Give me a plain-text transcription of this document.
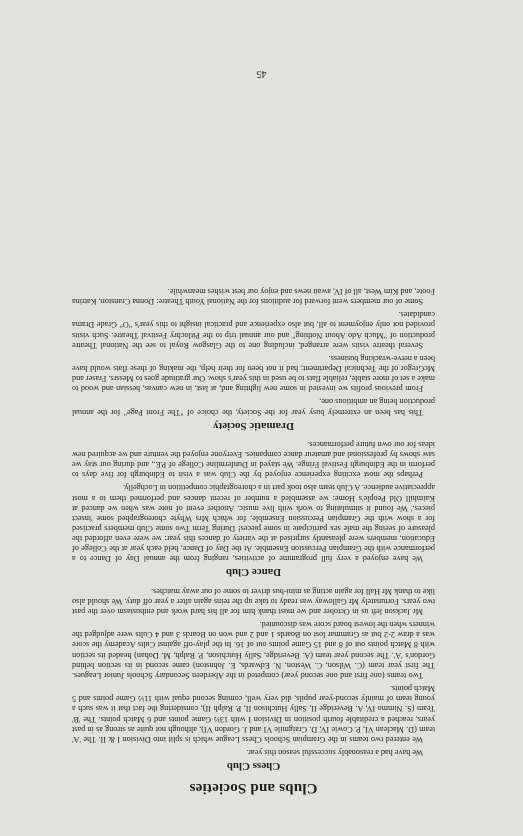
Clubs and Societies
Chess Club

We have had a reasonably successful season this year.

We entered two teams in the Grampian Schools Chess League which is split into Division I & II. The 'A' team (D. Maclean VI, P. Cowie IV, D. Craigmile VI and J. Gordon VI), although not quite as strong as in past years, reached a creditable fourth position in Division I with 13½ Game points and 6 Match points. The 'B' Team (S. Nimmo IV, A. Beveridge II, Sally Hutchison II, P. Ralph II), considering the fact that it was such a young team of mainly second-year pupils, did very well, coming second equal with 11½ Game points and 5 Match points.

Two teams (one first and one second year) competed in the Aberdeen Secondary Schools Junior Leagues. The first year team (C. Wilson, C. Weston, N. Edwards, E. Johnston) came second in its section behind Gordon's 'A'. The second year team (A. Beveridge, Sally Hutchison, P. Ralph, M. Dohan) headed its section with 8 Match points out of 8 and 15 Game points out of 16. In the play-off against Cults Academy the score was a draw 2-2 but as Grammar lost on Boards 1 and 2 and won on Boards 3 and 4 Cults were adjudged the winners when the lowest board score was discounted.

Mr Jackson left us in October and we must thank him for all his hard work and enthusiasm over the past two years. Fortunately Mr Galloway was ready to take up the reins again after a year off duty. We should also like to thank Mr Hall for again acting as mini-bus driver to some of our away matches.

Dance Club

We have enjoyed a very full programme of activities, ranging from the annual Day of Dance to a performance with the Grampian Percussion Ensemble. At the Day of Dance, held each year at the College of Education, members were pleasantly surprised at the variety of dances this year: we were even afforded the pleasure of seeing the male sex participate in some pieces! During Term Two some Club members practised for a show with the Grampian Percussion Ensemble, for which Mrs Whyte choreographed some 'insect pieces.' We found it stimulating to work with live music. Another event of note was when we danced at Kaimhill Old People's Home: we assembled a number of recent dances and performed them to a most appreciative audience. A Club team also took part in a choreographic competition in Lochgelly.

Perhaps the most exciting experience enjoyed by the Club was a visit to Edinburgh for five days to perform in the Edinburgh Festival Fringe. We stayed in Dunfermline College of P.E., and during our stay we saw shows by professional and amateur dance companies. Everyone enjoyed the venture and we acquired new ideas for our own future performances.

Dramatic Society

This has been an extremely busy year for the Society, the choice of "The Front Page" for the annual production being an ambitious one.

From previous profits we invested in some new lighting and, at last, in new canvas, hessian and wood to make a set of more stable, reliable flats to be used in this year's show. Our gratitude goes to Messrs. Fraser and McGregor of the Technical Department; had it not been for their help, the making of these flats would have been a nerve-wracking business.

Several theatre visits were arranged, including one to the Glasgow Royal to see the National Theatre production of "Much Ado About Nothing" and our annual trip to the Pitlochry Festival Theatre. Such visits provided not only enjoyment to all, but also experience and practical insight to this year's "O" Grade Drama candidates.

Some of our members went forward for auditions for the National Youth Theatre: Donna Cranston, Katrina Foote, and Kim West, all of IV, await news and enjoy our best wishes meanwhile.

45
